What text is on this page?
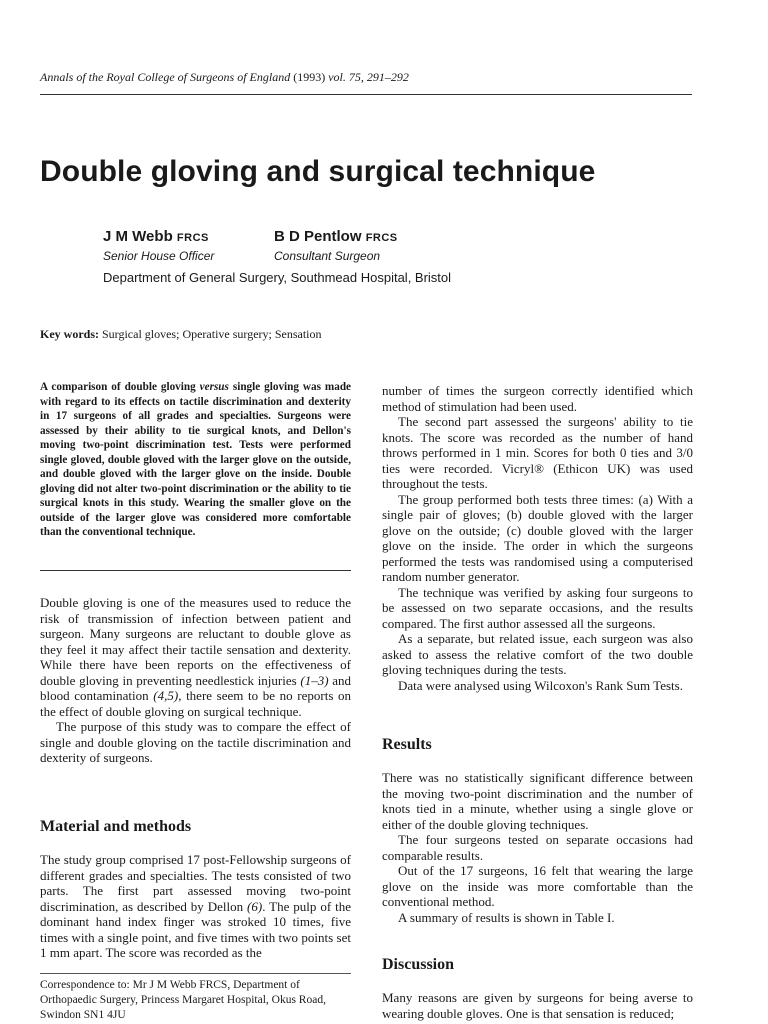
Annals of the Royal College of Surgeons of England (1993) vol. 75, 291–292
Double gloving and surgical technique
J M Webb FRCS
Senior House Officer
B D Pentlow FRCS
Consultant Surgeon
Department of General Surgery, Southmead Hospital, Bristol
Key words: Surgical gloves; Operative surgery; Sensation
A comparison of double gloving versus single gloving was made with regard to its effects on tactile discrimination and dexterity in 17 surgeons of all grades and specialties. Surgeons were assessed by their ability to tie surgical knots, and Dellon's moving two-point discrimination test. Tests were performed single gloved, double gloved with the larger glove on the outside, and double gloved with the larger glove on the inside. Double gloving did not alter two-point discrimination or the ability to tie surgical knots in this study. Wearing the smaller glove on the outside of the larger glove was considered more comfortable than the conventional technique.

Double gloving is one of the measures used to reduce the risk of transmission of infection between patient and surgeon. Many surgeons are reluctant to double glove as they feel it may affect their tactile sensation and dexterity. While there have been reports on the effectiveness of double gloving in preventing needlestick injuries (1–3) and blood contamination (4,5), there seem to be no reports on the effect of double gloving on surgical technique.

The purpose of this study was to compare the effect of single and double gloving on the tactile discrimination and dexterity of surgeons.

Material and methods

The study group comprised 17 post-Fellowship surgeons of different grades and specialties. The tests consisted of two parts. The first part assessed moving two-point discrimination, as described by Dellon (6). The pulp of the dominant hand index finger was stroked 10 times, five times with a single point, and five times with two points set 1 mm apart. The score was recorded as the

Correspondence to: Mr J M Webb FRCS, Department of Orthopaedic Surgery, Princess Margaret Hospital, Okus Road, Swindon SN1 4JU

number of times the surgeon correctly identified which method of stimulation had been used.

The second part assessed the surgeons' ability to tie knots. The score was recorded as the number of hand throws performed in 1 min. Scores for both 0 ties and 3/0 ties were recorded. Vicryl® (Ethicon UK) was used throughout the tests.

The group performed both tests three times: (a) With a single pair of gloves; (b) double gloved with the larger glove on the outside; (c) double gloved with the larger glove on the inside. The order in which the surgeons performed the tests was randomised using a computerised random number generator.

The technique was verified by asking four surgeons to be assessed on two separate occasions, and the results compared. The first author assessed all the surgeons.

As a separate, but related issue, each surgeon was also asked to assess the relative comfort of the two double gloving techniques during the tests.

Data were analysed using Wilcoxon's Rank Sum Tests.

Results

There was no statistically significant difference between the moving two-point discrimination and the number of knots tied in a minute, whether using a single glove or either of the double gloving techniques.

The four surgeons tested on separate occasions had comparable results.

Out of the 17 surgeons, 16 felt that wearing the large glove on the inside was more comfortable than the conventional method.

A summary of results is shown in Table I.

Discussion

Many reasons are given by surgeons for being averse to wearing double gloves. One is that sensation is reduced;
